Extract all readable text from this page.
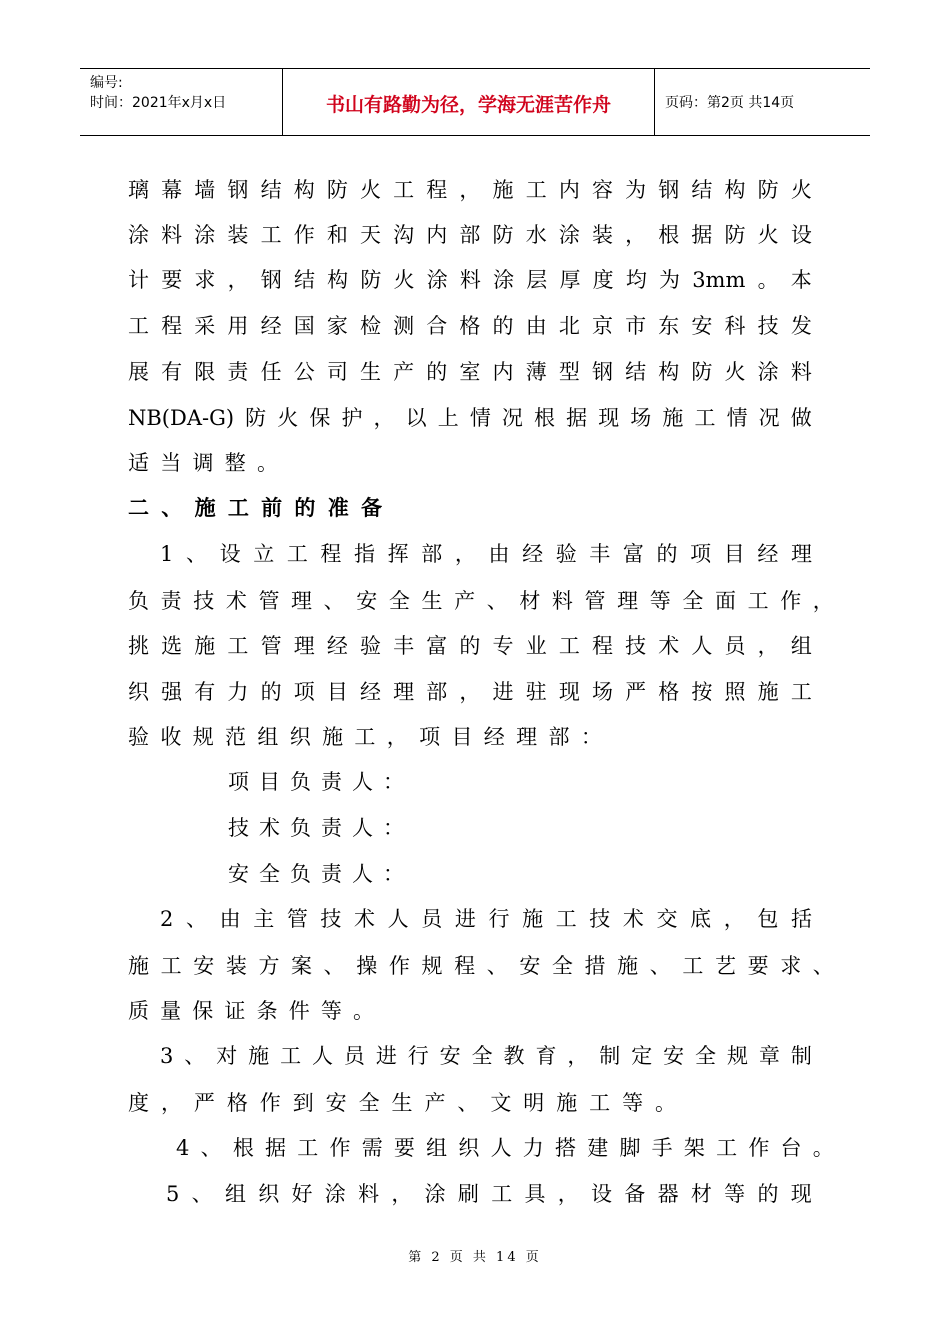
编号:
时间：2021年x月x日	书山有路勤为径，学海无涯苦作舟	页码：第2页 共14页
璃 幕 墙 钢 结 构 防 火 工 程 ， 施 工 内 容 为 钢 结 构 防 火
涂 料 涂 装 工 作 和 天 沟 内 部 防 水 涂 装 ， 根 据 防 火 设
计 要 求 ， 钢 结 构 防 火 涂 料 涂 层 厚 度 均 为 3mm 。 本
工 程 采 用 经 国 家 检 测 合 格 的 由 北 京 市 东 安 科 技 发
展 有 限 责 任 公 司 生 产 的 室 内 薄 型 钢 结 构 防 火 涂 料
NB(DA-G) 防 火 保 护 ， 以 上 情 况 根 据 现 场 施 工 情 况 做
适 当 调 整 。
二 、 施 工 前 的 准 备
1 、 设 立 工 程 指 挥 部 ， 由 经 验 丰 富 的 项 目 经 理
负 责 技 术 管 理 、 安 全 生 产 、 材 料 管 理 等 全 面 工 作 ，
挑 选 施 工 管 理 经 验 丰 富 的 专 业 工 程 技 术 人 员 ， 组
织 强 有 力 的 项 目 经 理 部 ， 进 驻 现 场 严 格 按 照 施 工
验 收 规 范 组 织 施 工 ， 项 目 经 理 部 ：
项 目 负 责 人 ：
技 术 负 责 人 ：
安 全 负 责 人 ：
2 、 由 主 管 技 术 人 员 进 行 施 工 技 术 交 底 ， 包 括
施 工 安 装 方 案 、 操 作 规 程 、 安 全 措 施 、 工 艺 要 求 、
质 量 保 证 条 件 等 。
3 、 对 施 工 人 员 进 行 安 全 教 育 ， 制 定 安 全 规 章 制
度 ， 严 格 作 到 安 全 生 产 、 文 明 施 工 等 。
4 、 根 据 工 作 需 要 组 织 人 力 搭 建 脚 手 架 工 作 台 。
5 、 组 织 好 涂 料 ， 涂 刷 工 具 ， 设 备 器 材 等 的 现
第 2 页 共 14 页
